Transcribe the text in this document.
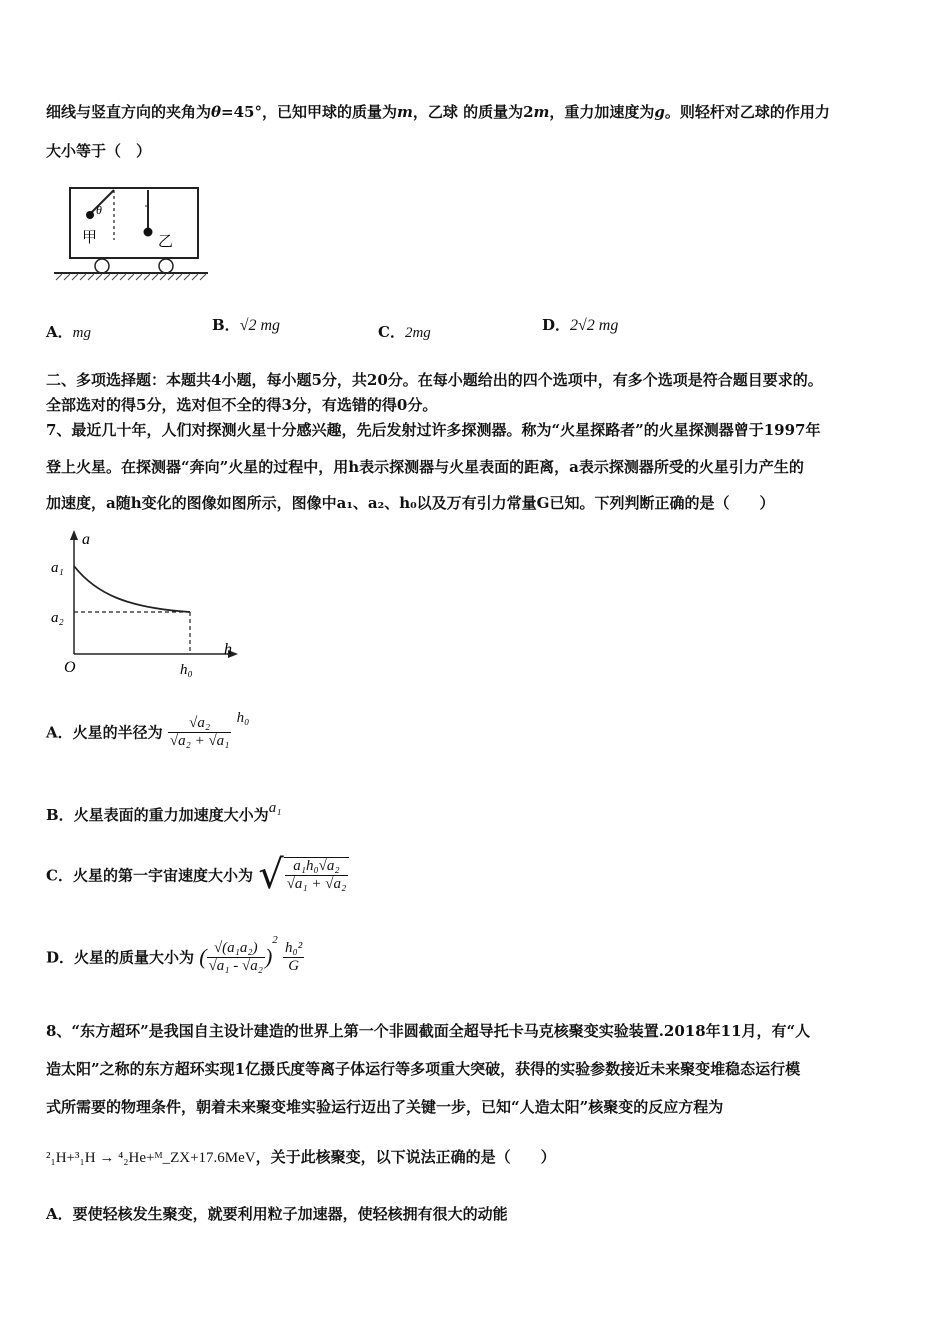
细线与竖直方向的夹角为θ=45°，已知甲球的质量为m，乙球 的质量为2m，重力加速度为g。则轻杆对乙球的作用力
大小等于（　）
θ
甲	乙
A．mg	B．√2 mg	C．2mg	D．2√2 mg
二、多项选择题：本题共4小题，每小题5分，共20分。在每小题给出的四个选项中，有多个选项是符合题目要求的。
全部选对的得5分，选对但不全的得3分，有选错的得0分。
7、最近几十年，人们对探测火星十分感兴趣，先后发射过许多探测器。称为“火星探路者”的火星探测器曾于1997年
登上火星。在探测器“奔向”火星的过程中，用h表示探测器与火星表面的距离，a表示探测器所受的火星引力产生的
加速度，a随h变化的图像如图所示，图像中a₁、a₂、h₀以及万有引力常量G已知。下列判断正确的是（　　）
a
h
O
a₁
a₂
h₀
A．火星的半径为 $\frac{\text{√a₂}}{\text{√a₂ + √a₁}} h_0$
B．火星表面的重力加速度大小为a₁
C．火星的第一宇宙速度大小为 √ $\frac{\text{a₁h₀√a₂}}{\text{√a₁ + √a₂}}$
D．火星的质量大小为 ( $\frac{\text{√(a₁a₂)}}{\text{√a₁ - √a₂}} )^2 \frac{\text{h₀²}}{G}$
8、“东方超环”是我国自主设计建造的世界上第一个非圆截面全超导托卡马克核聚变实验装置.2018年11月，有“人
造太阳”之称的东方超环实现1亿摄氏度等离子体运行等多项重大突破，获得的实验参数接近未来聚变堆稳态运行模
式所需要的物理条件，朝着未来聚变堆实验运行迈出了关键一步，已知“人造太阳”核聚变的反应方程为
²₁H+³₁H → ⁴₂He+ᴹ_ZX+17.6MeV，关于此核聚变，以下说法正确的是（　　）
A．要使轻核发生聚变，就要利用粒子加速器，使轻核拥有很大的动能
